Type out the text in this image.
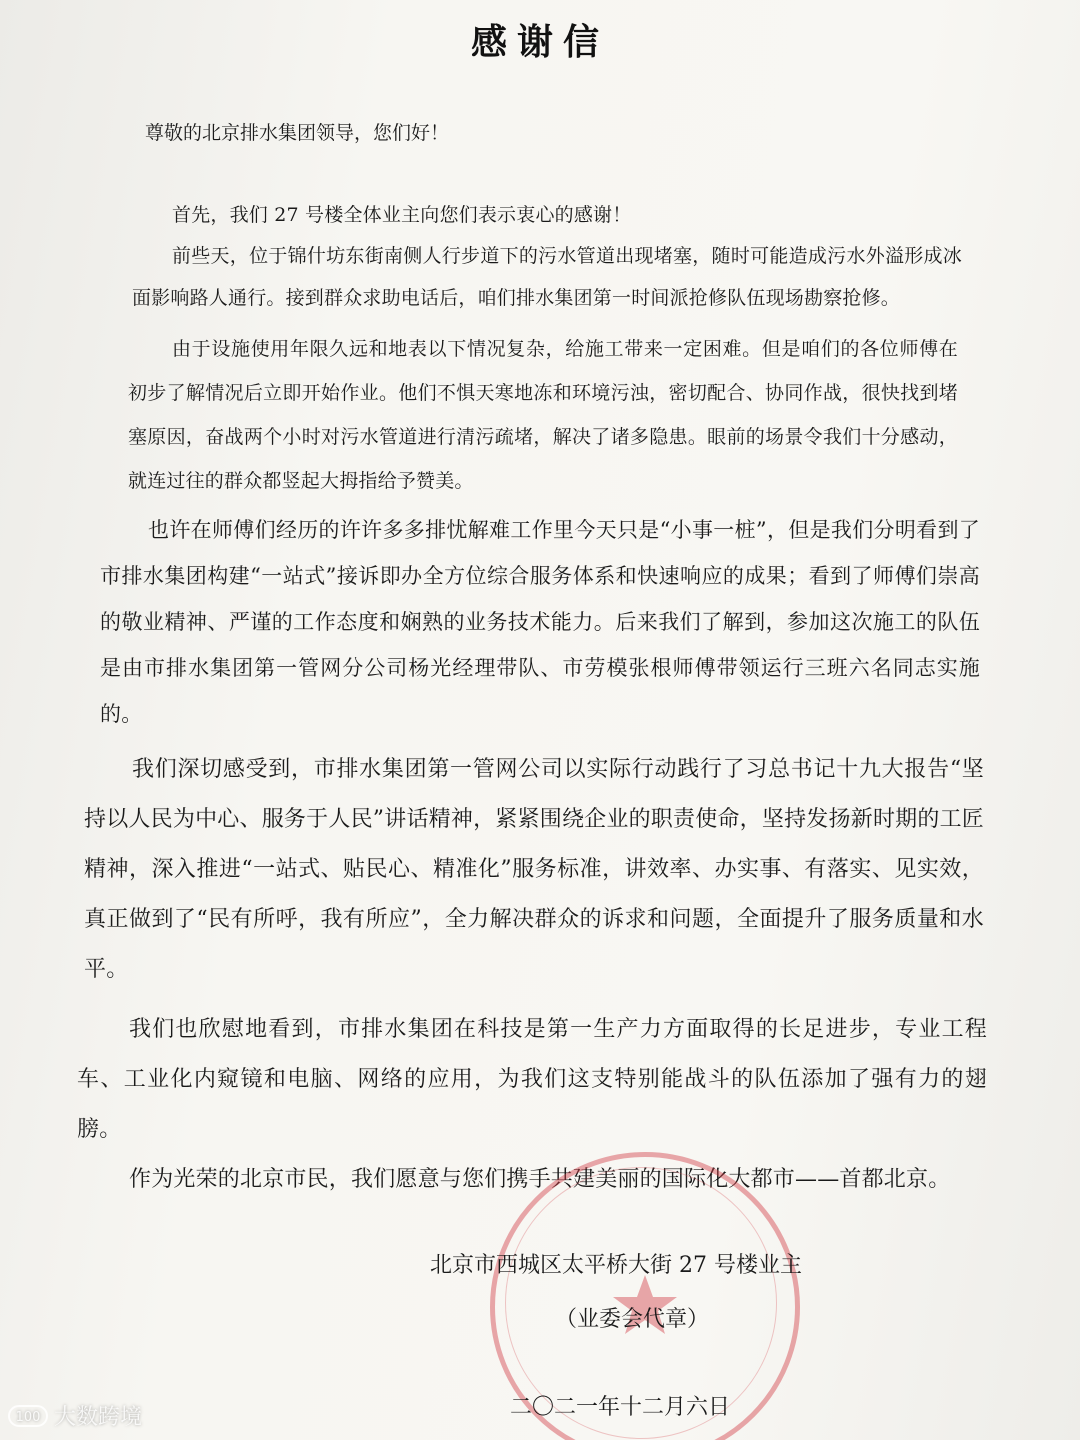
感谢信
尊敬的北京排水集团领导，您们好！

首先，我们 27 号楼全体业主向您们表示衷心的感谢！

前些天，位于锦什坊东街南侧人行步道下的污水管道出现堵塞，随时可能造成污水外溢形成冰面影响路人通行。接到群众求助电话后，咱们排水集团第一时间派抢修队伍现场勘察抢修。

由于设施使用年限久远和地表以下情况复杂，给施工带来一定困难。但是咱们的各位师傅在初步了解情况后立即开始作业。他们不惧天寒地冻和环境污浊，密切配合、协同作战，很快找到堵塞原因，奋战两个小时对污水管道进行清污疏堵，解决了诸多隐患。眼前的场景令我们十分感动，就连过往的群众都竖起大拇指给予赞美。

也许在师傅们经历的许许多多排忧解难工作里今天只是“小事一桩”，但是我们分明看到了市排水集团构建“一站式”接诉即办全方位综合服务体系和快速响应的成果；看到了师傅们崇高的敬业精神、严谨的工作态度和娴熟的业务技术能力。后来我们了解到，参加这次施工的队伍是由市排水集团第一管网分公司杨光经理带队、市劳模张根师傅带领运行三班六名同志实施的。

我们深切感受到，市排水集团第一管网公司以实际行动践行了习总书记十九大报告“坚持以人民为中心、服务于人民”讲话精神，紧紧围绕企业的职责使命，坚持发扬新时期的工匠精神，深入推进“一站式、贴民心、精准化”服务标准，讲效率、办实事、有落实、见实效，真正做到了“民有所呼，我有所应”，全力解决群众的诉求和问题，全面提升了服务质量和水平。

我们也欣慰地看到，市排水集团在科技是第一生产力方面取得的长足进步，专业工程车、工业化内窥镜和电脑、网络的应用，为我们这支特别能战斗的队伍添加了强有力的翅膀。

作为光荣的北京市民，我们愿意与您们携手共建美丽的国际化大都市——首都北京。

北京市西城区太平桥大街 27 号楼业主
（业委会代章）
二〇二一年十二月六日
100 大数跨境
